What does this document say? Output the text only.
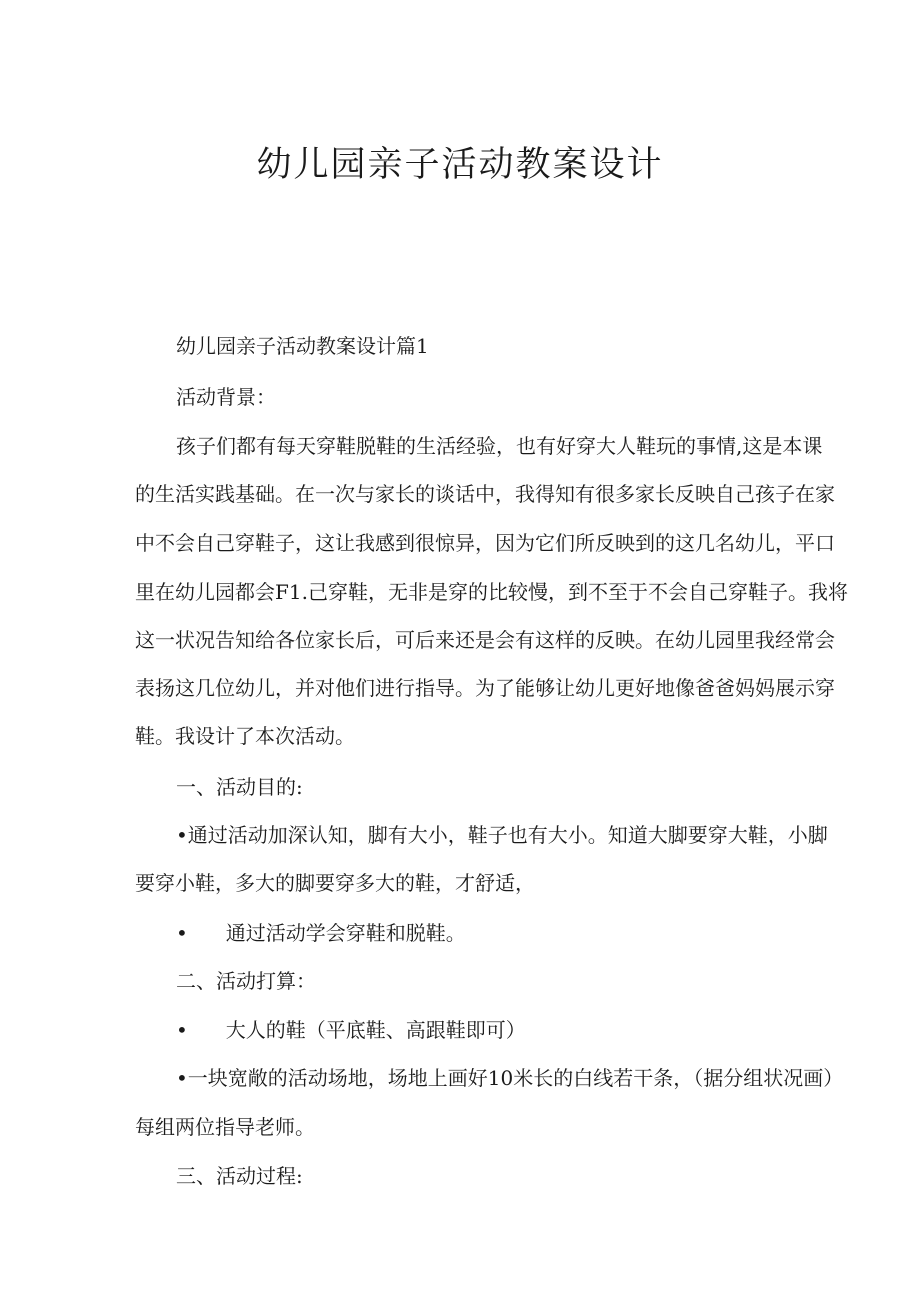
幼儿园亲子活动教案设计
幼儿园亲子活动教案设计篇1
活动背景：
孩子们都有每天穿鞋脱鞋的生活经验，也有好穿大人鞋玩的事情,这是本课
的生活实践基础。在一次与家长的谈话中，我得知有很多家长反映自己孩子在家
中不会自己穿鞋子，这让我感到很惊异，因为它们所反映到的这几名幼儿，平口
里在幼儿园都会F1.己穿鞋，无非是穿的比较慢，到不至于不会自己穿鞋子。我将
这一状况告知给各位家长后，可后来还是会有这样的反映。在幼儿园里我经常会
表扬这几位幼儿，并对他们进行指导。为了能够让幼儿更好地像爸爸妈妈展示穿
鞋。我设计了本次活动。
一、活动目的:
• 通过活动加深认知，脚有大小，鞋子也有大小。知道大脚要穿大鞋，小脚
要穿小鞋，多大的脚要穿多大的鞋，才舒适，
• 通过活动学会穿鞋和脱鞋。
二、活动打算：
• 大人的鞋（平底鞋、高跟鞋即可）
• 一块宽敞的活动场地，场地上画好10米长的白线若干条，（据分组状况画）
每组两位指导老师。
三、活动过程:
